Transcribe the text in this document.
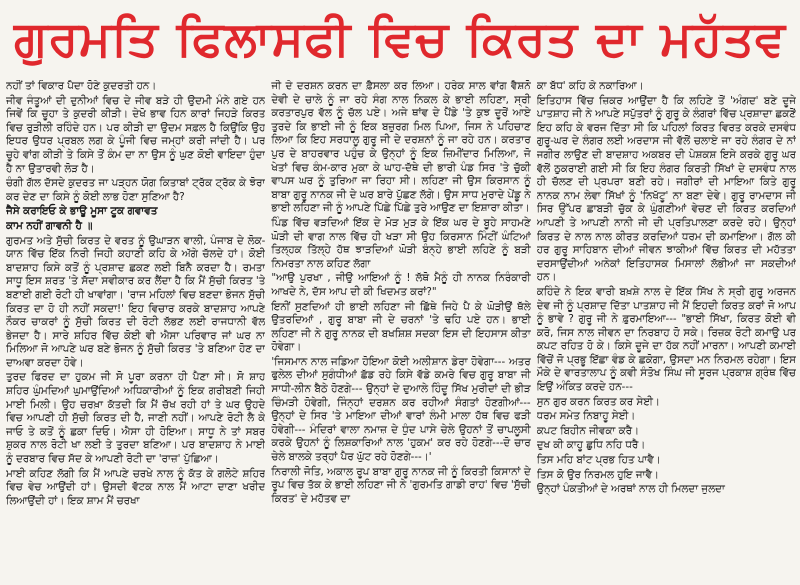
ਗੁਰਮਤਿ ਫਿਲਾਸਫੀ ਵਿਚ ਕਿਰਤ ਦਾ ਮਹੱਤਵ

ਨਹੀਂ ਤਾਂ ਵਿਕਾਰ ਪੈਦਾ ਹੋਣੇ ਕੁਦਰਤੀ ਹਨ।

ਜੀਵ ਜੰਤੂਆਂ ਦੀ ਦੁਨੀਆਂ ਵਿਚ ਦੇ ਜੀਵ ਬੜੇ ਹੀ ਉਦਮੀ ਮੰਨੇ ਗਏ ਹਨ ਜਿਵੇਂ ਕਿ ਚੂਹਾ ਤੇ ਕੁਦਰੀ ਕੀੜੀ। ਦੇਖੋ ਭਾਵ ਹਿਨ ਕਾਰਾਂ ਜਿਹੜੇ ਕਿਰਤ ਵਿਚ ਰੁੜੀਲੀ ਰਹਿੰਦੇ ਹਨ। ਪਰ ਕੀੜੀ ਦਾ ਉਦਮ ਸਫ਼ਲ ਹੈ ਕਿਉਂਕਿ ਉਹ ਇਧਰ ਉਧਰ ਪ੍ਰਬਲ ਲਗ ਕੇ ਪੂੰਜੀ ਵਿਚ ਜਮ੍ਹਾਂ ਕਰੀ ਜਾਂਦੀ ਹੈ। ਪਰ ਚੂਹੇ ਵਾਂਗ ਕੀੜੀ ਤੇ ਕਿਸੇ ਤੋਂ ਕੰਮ ਦਾ ਨਾ ਉਸ ਨੂੰ ਘੁਣ ਕੋਈ ਵਾਇਦਾ ਹੁੰਦਾ ਹੈ ਨਾ ਉਤਾਰਵੀ ਲੋੜ ਹੈ।

ਚੰਗੀ ਗੱਲ ਦੱਸਦੇ ਕੁਦਰਤ ਜਾ ਪੜ੍ਹਨ ਯੋਗ ਕਿਤਾਬਾਂ ਟ੍ਰੱਕ ਟ੍ਰੱਕ ਕੇ ਝੋਰਾ ਕਰ ਦੇਣ ਦਾ ਕਿਸੇ ਨੂੰ ਕੋਈ ਲਾਭ ਹੋਣਾ ਸੁਣਿਆ ਹੈ?

ਜੈਸੇ ਕਰਾਇਓ ਕੇ ਭਾਊ ਮੂਸਾ ਟੂਕ ਗਵਾਵਤ

ਕਾਮ ਨਹੀਂ ਗਾਵਨੀ ਹੈ ॥

ਗੁਰਮਤ ਅਤੇ ਸੁੱਚੀ ਕਿਰਤ ਦੇ ਵਰਤ ਨੂੰ ਉਘਾੜਨ ਵਾਲੀ, ਪੰਜਾਬ ਦੇ ਲੋਕ-ਯਾਨ ਵਿੱਚ ਇੱਕ ਨਿਰੀ ਜਿਹੀ ਕਹਾਣੀ ਕਹਿ ਕੇ ਅੱਗੇ ਚੱਲਦੇ ਹਾਂ। ਕੋਈ ਬਾਦਸ਼ਾਹ ਕਿਸੇ ਕਤੋਂ ਨੂੰ ਪ੍ਰਸ਼ਾਦ ਛਕਣ ਲਈ ਬਿਨੈ ਕਰਦਾ ਹੈ। ਰਮਤਾ ਸਾਧੂ ਇਸ ਸ਼ਰਤ 'ਤੇ ਸੱਦਾ ਸਵੀਕਾਰ ਕਰ ਲੈਂਦਾ ਹੈ ਕਿ ਮੈਂ ਸੁੱਚੀ ਕਿਰਤ 'ਤੇ ਬਣਾਈ ਗਈ ਰੋਟੀ ਹੀ ਖਾਵਾਂਗਾ। 'ਰਾਜ ਮਹਿਲਾਂ ਵਿਚ ਬਣਦਾ ਭੋਜਨ ਸੁੱਚੀ ਕਿਰਤ ਦਾ ਹੋ ਹੀ ਨਹੀਂ ਸਕਦਾ!' ਇਹ ਵਿਚਾਰ ਕਰਕੇ ਬਾਦਸ਼ਾਹ ਆਪਣੇ ਨੌਕਰ ਚਾਕਰਾਂ ਨੂੰ ਸੁੱਚੀ ਕਿਰਤ ਦੀ ਰੋਟੀ ਲੱਭਣ ਲਈ ਰਾਜਧਾਨੀ ਵੱਲ ਭੇਜਦਾ ਹੈ। ਸਾਰੇ ਸ਼ਹਿਰ ਵਿੱਚ ਕੋਈ ਵੀ ਐਸਾ ਪਰਿਵਾਰ ਜਾਂ ਘਰ ਨਾ ਮਿਲਿਆ ਜੋ ਆਪਣੇ ਘਰ ਬਣੇ ਭੋਜਨ ਨੂੰ ਸੁੱਚੀ ਕਿਰਤ 'ਤੇ ਬਣਿਆ ਹੋਣ ਦਾ ਦਾਅਵਾ ਕਰਦਾ ਹੋਵੇ।

ਤੁਰਦ ਫਿਰਦ ਦਾ ਹੁਕਮ ਜੀ ਸੋ ਪੂਰਾ ਕਰਨਾ ਹੀ ਪੈਣਾ ਸੀ। ਸੋ ਸ਼ਾਹ ਸ਼ਹਿਰ ਘੁੰਮਦਿਆਂ ਘੁਮਾਉਂਦਿਆਂ ਅਧਿਕਾਰੀਆਂ ਨੂੰ ਇਕ ਗਰੀਬਣੀ ਜਿਹੀ ਮਾਈ ਮਿਲੀ। ਉਹ ਚਰਖ਼ਾ ਕੱਤਦੀ ਕਿ ਮੈਂ ਚੱਖ ਰਹੀ ਹਾਂ ਤੇ ਘਰ ਉਹਦੇ ਵਿਚ ਆਪਣੀ ਹੀ ਸੁੱਚੀ ਕਿਰਤ ਦੀ ਹੈ, ਜਾਣੀ ਨਹੀਂ। ਆਪਣੇ ਰੋਟੀ ਲੈ ਕੇ ਜਾਓ ਤੇ ਕਤੋਂ ਨੂੰ ਛਕਾ ਦਿਓ। ਐਸਾ ਹੀ ਹੋਇਆ। ਸਾਧੂ ਨੇ ਤਾਂ ਸਬਰ ਸ਼ੁਕਰ ਨਾਲ ਰੋਟੀ ਖਾ ਲਈ ਤੇ ਤੁਰਦਾ ਬਣਿਆ। ਪਰ ਬਾਦਸ਼ਾਹ ਨੇ ਮਾਈ ਨੂੰ ਦਰਬਾਰ ਵਿਚ ਸੱਦ ਕੇ ਆਪਣੀ ਰੋਟੀ ਦਾ 'ਰਾਜ਼' ਪੁੱਛਿਆ।

ਮਾਈ ਕਹਿਣ ਲੱਗੀ ਕਿ ਮੈਂ ਆਪਣੇ ਚਰਖੇ ਨਾਲ ਨੂੰ ਕੱਤ ਕੇ ਗਲੋਟੇ ਸ਼ਹਿਰ ਵਿਚ ਵੇਚ ਆਉਂਦੀ ਹਾਂ। ਉਸਦੀ ਵੱਟਕ ਨਾਲ ਮੈਂ ਆਟਾ ਦਾਣਾ ਖਰੀਦ ਲਿਆਉਂਦੀ ਹਾਂ। ਇਕ ਸ਼ਾਮ ਮੈਂ ਚਰਖਾ

ਜੀ ਦੇ ਦਰਸ਼ਨ ਕਰਨ ਦਾ ਫ਼ੈਸਲਾ ਕਰ ਲਿਆ। ਹਰੇਕ ਸਾਲ ਵਾਂਗ ਵੈਸ਼ਨੋ ਦੇਵੀ ਦੇ ਚਾਲੇ ਨੂੰ ਜਾ ਰਹੇ ਸੰਗ ਨਾਲ ਨਿਕਲ ਕੇ ਭਾਈ ਲਹਿਣਾ, ਸ੍ਰੀ ਕਰਤਾਰਪੁਰ ਵੱਲ ਨੂੰ ਚੱਲ ਪਏ। ਅਜੇ ਥਾਂਵ ਦੇ ਪੈਂਡੇ 'ਤੇ ਕੁਝ ਦੂਰੋਂ ਆਏ ਤੁਰਦੇ ਕਿ ਭਾਈ ਜੀ ਨੂੰ ਇਕ ਬਜ਼ੁਰਗ ਮਿਲ ਪਿਆ, ਜਿਸ ਨੇ ਪਹਿਚਾਣ ਲਿਆ ਕਿ ਇਹ ਸਰਧਾਲੂ ਗੁਰੂ ਜੀ ਦੇ ਦਰਸ਼ਨਾਂ ਨੂੰ ਜਾ ਰਹੇ ਹਨ। ਕਰਤਾਰ ਪੁਰ ਦੇ ਬਾਹਰਵਾਰ ਪਹੁੰਚ ਕੇ ਉਨ੍ਹਾਂ ਨੂੰ ਇਕ ਜ਼ਿਮੀਂਦਾਰ ਮਿਲਿਆ, ਜੋ ਖੇਤਾਂ ਵਿਚ ਕੰਮ-ਕਾਰ ਮੁਕਾ ਕੇ ਘਾਹ-ਦੱਥੇ ਦੀ ਭਾਰੀ ਪੰਡ ਸਿਰ 'ਤੇ ਚੁੱਕੀ ਵਾਪਸ ਘਰ ਨੂੰ ਤੁਰਿਆ ਜਾ ਰਿਹਾ ਸੀ। ਲਹਿਣਾ ਜੀ ਉਸ ਕਿਰਸਾਨ ਨੂੰ ਬਾਬਾ ਗੁਰੂ ਨਾਨਕ ਜੀ ਦੇ ਘਰ ਬਾਰੇ ਪੁੱਛਣ ਲੱਗੇ। ਉਸ ਸਾਧ ਮੁਰਾਦੇ ਪੇਂਡੂ ਨੇ ਭਾਈ ਲਹਿਣਾ ਜੀ ਨੂੰ ਆਪਣੇ ਪਿੱਛੇ ਪਿੱਛੇ ਤੁਰੇ ਆਉਣ ਦਾ ਇਸ਼ਾਰਾ ਕੀਤਾ।

ਪਿੰਡ ਵਿੱਚ ਵੜਦਿਆਂ ਇੱਕ ਦੇ ਮੋੜ ਮੁੜ ਕੇ ਇੱਕ ਘਰ ਦੇ ਬੂਹੇ ਸਾਹਮਣੇ ਘੋੜੀ ਦੀ ਵਾਗ ਨਾਲ ਵਿੱਚ ਹੀ ਖੜਾ ਸੀ ਉਹ ਕਿਰਸਾਨ ਮਿੰਟੀਂ ਘੰਟਿਆਂ ਤਿਲ੍ਹਕ ਤਿੱਲ੍ਹੇ ਹੱਥ ਝਾੜਦਿਆਂ ਘੋੜੀ ਬੰਨ੍ਹੇ ਭਾਈ ਲਹਿਣੇ ਨੂੰ ਬੜੀ ਨਿਮਰਤਾ ਨਾਲ ਕਹਿਣ ਲੱਗਾ

"ਆਉ ਪੁਰਖਾ , ਜੀਉ ਆਇਆਂ ਨੂੰ ! ਲੱਥੋ ਮੈਨੂੰ ਹੀ ਨਾਨਕ ਨਿਰੰਕਾਰੀ ਆਖਦੇ ਨੇ, ਦੱਸ ਆਪ ਦੀ ਕੀ ਖਿਦਮਤ ਕਰਾਂ?"

ਇਨੀਂ ਸੁਣਦਿਆਂ ਹੀ ਭਾਈ ਲਹਿਣਾ ਜੀ ਛਿੱਥੇ ਜਿਹੇ ਪੈ ਕੇ ਘੋੜੀਉਂ ਥੱਲੇ ਉਤਰਦਿਆਂ , ਗੁਰੂ ਬਾਬਾ ਜੀ ਦੇ ਚਰਨਾਂ 'ਤੇ ਢਹਿ ਪਏ ਹਨ। ਭਾਈ ਲਹਿਣਾ ਜੀ ਨੇ ਗੁਰੂ ਨਾਨਕ ਦੀ ਬਖਸ਼ਿਸ਼ ਸਦਕਾ ਇਸ ਦੀ ਇਹਸਾਸ ਕੀਤਾ ਹੋਵੇਗਾ।

'ਜਿਸਮਾਨ ਨਾਲ ਜਡਿਆ ਹੋਇਆ ਕੋਈ ਅਲੀਸ਼ਾਨ ਡੇਰਾ ਹੋਵੇਗਾ--- ਅਤਰ ਫੁਲੇਲ ਦੀਆਂ ਸੁਗੰਧੀਆਂ ਛੱਡ ਰਹੇ ਕਿਸੇ ਵੱਡੇ ਕਮਰੇ ਵਿਚ ਗੁਰੂ ਬਾਬਾ ਜੀ ਸਾਧੀ-ਲੀਨ ਬੈਠੇ ਹੋਣਗੇ--- ਉਨ੍ਹਾਂ ਦੇ ਦੁਆਲੇ ਹਿੰਦੂ ਸਿੱਖ ਮੁਰੀਦਾਂ ਦੀ ਭੀੜ ਚਿੰਮੜੀ ਹੋਵੇਗੀ, ਜਿੰਨ੍ਹਾਂ ਦਰਸ਼ਨ ਕਰ ਰਹੀਆਂ ਸੰਗਤਾਂ ਹੋਣਗੀਆਂ--- ਉਨ੍ਹਾਂ ਦੇ ਸਿਰ 'ਤੇ ਮਾਇਆ ਦੀਆਂ ਵਾਰਾਂ ਲੰਮੀ ਮਾਲਾ ਹੱਥ ਵਿਚ ਫੜੀ ਹੋਵੇਗੀ--- ਮੰਦਿਰਾਂ ਵਾਲਾ ਨਮਾਜ਼ ਦੇ ਧੁੰਦ ਪਾਸੇ ਚੇਲੇ ਉਹਨਾਂ ਤੋਂ ਚਾਪਲੂਸੀ ਕਰਕੇ ਉਹਨਾਂ ਨੂੰ ਲਿਸ਼ਕਾਰਿਆਂ ਨਾਲ 'ਹੁਕਮ' ਕਰ ਰਹੇ ਹੋਣਗੇ---ਦੋ ਚਾਰ ਚੇਲੇ ਬਾਲਕੇ ਤਰ੍ਹਾਂ ਪੈਰ ਘੁੱਟ ਰਹੇ ਹੋਣਗੇ---।'

ਨਿਰਾਲੀ ਜੋਤਿ, ਅਕਾਲ ਰੂਪ ਬਾਬਾ ਗੁਰੂ ਨਾਨਕ ਜੀ ਨੂੰ ਕਿਰਤੀ ਕਿਸਾਨਾਂ ਦੇ ਰੂਪ ਵਿਚ ਤੱਕ ਕੇ ਭਾਈ ਲਹਿਣਾ ਜੀ ਨੇ 'ਗੁਰਮਤਿ ਗਾਡੀ ਰਾਹ' ਵਿਚ 'ਸੁੱਚੀ ਕਿਰਤ' ਦੇ ਮਹੱਤਵ ਦਾ

ਕਾ ਬੱਧ' ਕਹਿ ਕੇ ਨਕਾਰਿਆ।

ਇਤਿਹਾਸ ਵਿੱਚ ਜ਼ਿਕਰ ਆਉਂਦਾ ਹੈ ਕਿ ਲਹਿਣੇ ਤੋਂ 'ਅੰਗਦ' ਬਣੇ ਦੂਜੇ ਪਾਤਸ਼ਾਹ ਜੀ ਨੇ ਆਪਣੇ ਸਪੁੱਤਰਾਂ ਨੂੰ ਗੁਰੂ ਕੇ ਲੰਗਰਾਂ ਵਿੱਚ ਪ੍ਰਸ਼ਾਦਾ ਛਕਣੋਂ ਇਹ ਕਹਿ ਕੇ ਵਰਜ ਦਿੱਤਾ ਸੀ ਕਿ ਪਹਿਲਾਂ ਕਿਰਤ ਵਿਰਤ ਕਰਕੇ ਦਸਵੰਧ ਗੁਰੂ-ਘਰ ਦੇ ਲੰਗਰ ਲਈ ਅਰਦਾਸ ਜੀ ਵੱਲੋਂ ਚਲਾਏ ਜਾ ਰਹੇ ਲੰਗਰ ਦੇ ਨਾਂ ਜਗੀਰ ਲਾਉਣ ਦੀ ਬਾਦਸ਼ਾਹ ਅਕਬਰ ਦੀ ਪੇਸ਼ਕਸ਼ ਇਸੇ ਕਰਕੇ ਗੁਰੂ ਘਰ ਵੱਲੋਂ ਠੁਕਰਾਈ ਗਈ ਸੀ ਕਿ ਇਹ ਲੰਗਰ ਕਿਰਤੀ ਸਿੱਖਾਂ ਦੇ ਦਸਵੰਧ ਨਾਲ ਹੀ ਚੱਲਣ ਦੀ ਪ੍ਰਪਰਾ ਬਣੀ ਰਹੇ। ਜਗੀਰਾਂ ਦੀ ਮਾਇਆ ਕਿਤੇ ਗੁਰੂ ਨਾਨਕ ਨਾਮ ਲੇਵਾ ਸਿੱਖਾਂ ਨੂੰ 'ਨਿਖੱਟੂ' ਨਾ ਬਣਾ ਦੇਵੇ। ਗੁਰੂ ਰਾਮਦਾਸ ਜੀ ਸਿਰ ਉੱਪਰ ਛਾਬੜੀ ਚੁੱਕ ਕੇ ਘੁੰਗਣੀਆਂ ਵੇਚਣ ਦੀ ਕਿਰਤ ਕਰਦਿਆਂ ਆਪਣੀ ਤੇ ਆਪਣੀ ਨਾਨੀ ਜੀ ਦੀ ਪ੍ਰਤਿਪਾਲਣਾ ਕਰਦੇ ਰਹੇ। ਉਨ੍ਹਾਂ ਕਿਰਤ ਦੇ ਨਾਲ ਨਾਲ ਕੀਰਤ ਕਰਦਿਆਂ ਧਰਮ ਦੀ ਕਮਾਇਆ। ਗੱਲ ਕੀ ਹਰ ਗੁਰੂ ਸਾਹਿਬਾਨ ਦੀਆਂ ਜੀਵਨ ਝਾਕੀਆਂ ਵਿੱਚ ਕਿਰਤ ਦੀ ਮਹੱਤਤਾ ਦਰਸਾਉਂਦੀਆਂ ਅਨੇਕਾਂ ਇਤਿਹਾਸਕ ਮਿਸਾਲਾਂ ਲੱਭੀਆਂ ਜਾ ਸਕਦੀਆਂ ਹਨ।

ਕਹਿੰਦੇ ਨੇ ਇਕ ਵਾਰੀ ਬਖ਼ਸ਼ੇ ਨਾਲ ਦੇ ਇੱਕ ਸਿੱਖ ਨੇ ਸ੍ਰੀ ਗੁਰੂ ਅਰਜਨ ਦੇਵ ਜੀ ਨੂੰ ਪ੍ਰਸ਼ਾਦ ਦਿੱਤਾ ਪਾਤਸ਼ਾਹ ਜੀ ਮੈਂ ਇਹਦੀ ਕਿਰਤ ਕਰਾਂ ਜੋ ਆਪ ਨੂੰ ਭਾਵੇ ? ਗੁਰੂ ਜੀ ਨੇ ਫ਼ੁਰਮਾਇਆ--- "ਭਾਈ ਸਿੱਖਾ, ਕਿਰਤ ਕੋਈ ਵੀ ਕਰੋ, ਜਿਸ ਨਾਲ ਜੀਵਨ ਦਾ ਨਿਰਬਾਹ ਹੋ ਸਕੇ। ਰਿਜ਼ਕ ਰੋਟੀ ਕਮਾਉ ਪਰ ਕਪਟ ਰਹਿਤ ਹੋ ਕੇ। ਕਿਸੇ ਦੂਜੇ ਦਾ ਹੱਕ ਨਹੀਂ ਮਾਰਨਾ। ਆਪਣੀ ਕਮਾਈ ਵਿੱਚੋਂ ਜੋ ਪ੍ਰਭੂ ਇੱਛਾ ਵੰਡ ਕੇ ਛਕੋਗਾ, ਉਸਦਾ ਮਨ ਨਿਰਮਲ ਰਹੇਗਾ। ਇਸ ਮੌਕੇ ਦੇ ਵਾਰਤਾਲਾਪ ਨੂੰ ਕਵੀ ਸੰਤੋਖ ਸਿੰਘ ਜੀ ਸੂਰਜ ਪ੍ਰਕਾਸ਼ ਗ੍ਰੰਥ ਵਿੱਚ ਇਉਂ ਅੰਕਿਤ ਕਰਦੇ ਹਨ---

ਸੁਨ ਗੁਰ ਕਰਨ ਕਿਰਤ ਕਰ ਸੇਈ।

ਧਰਮ ਸਮੇਤ ਨਿਬਾਹੂ ਸੇਈ।

ਕਪਟ ਬਿਹੀਨ ਜੀਵਕਾ ਕਰੈ।

ਦੁਖ ਕੀ ਕਾਹੂ ਛੁਧਿ ਨਹਿ ਧਰੈ।

ਤਿਸ ਮਹਿ ਬਾਂਟ ਪ੍ਰਭ ਹਿਤ ਪਾਵੈ।

ਤਿਸ ਕੋ ਉਰ ਨਿਰਮਲ ਹੁਇ ਜਾਵੈ।

ਉਨ੍ਹਾਂ ਪੰਕਤੀਆਂ ਦੇ ਅਰਥਾਂ ਨਾਲ ਹੀ ਮਿਲਦਾ ਜੁਲਦਾ
